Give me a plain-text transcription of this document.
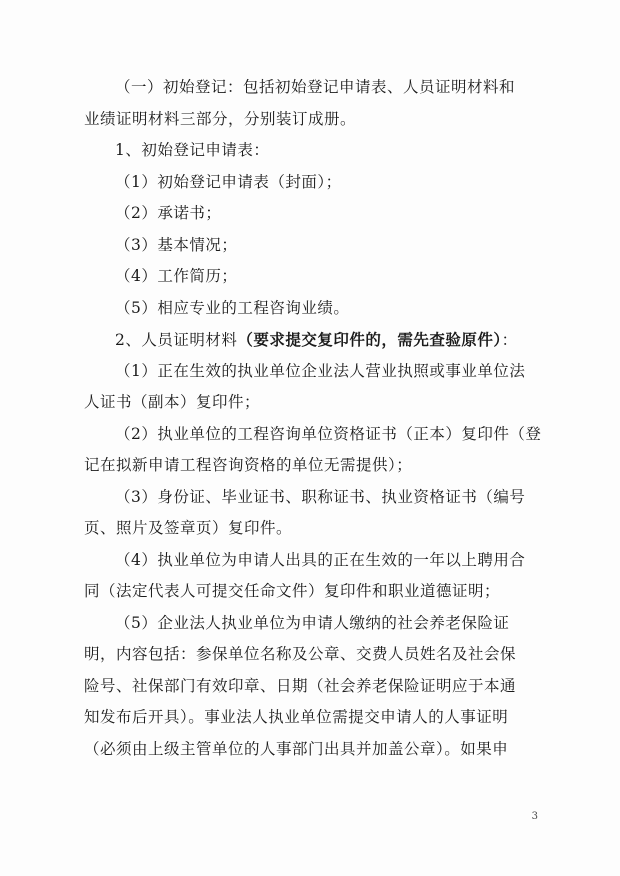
（一）初始登记：包括初始登记申请表、人员证明材料和
业绩证明材料三部分，分别装订成册。
1、初始登记申请表：
（1）初始登记申请表（封面）；
（2）承诺书；
（3）基本情况；
（4）工作简历；
（5）相应专业的工程咨询业绩。
2、人员证明材料（要求提交复印件的，需先查验原件）：
（1）正在生效的执业单位企业法人营业执照或事业单位法
人证书（副本）复印件；
（2）执业单位的工程咨询单位资格证书（正本）复印件（登
记在拟新申请工程咨询资格的单位无需提供）；
（3）身份证、毕业证书、职称证书、执业资格证书（编号
页、照片及签章页）复印件。
（4）执业单位为申请人出具的正在生效的一年以上聘用合
同（法定代表人可提交任命文件）复印件和职业道德证明；
（5）企业法人执业单位为申请人缴纳的社会养老保险证
明，内容包括：参保单位名称及公章、交费人员姓名及社会保
险号、社保部门有效印章、日期（社会养老保险证明应于本通
知发布后开具）。事业法人执业单位需提交申请人的人事证明
（必须由上级主管单位的人事部门出具并加盖公章）。如果申
3
